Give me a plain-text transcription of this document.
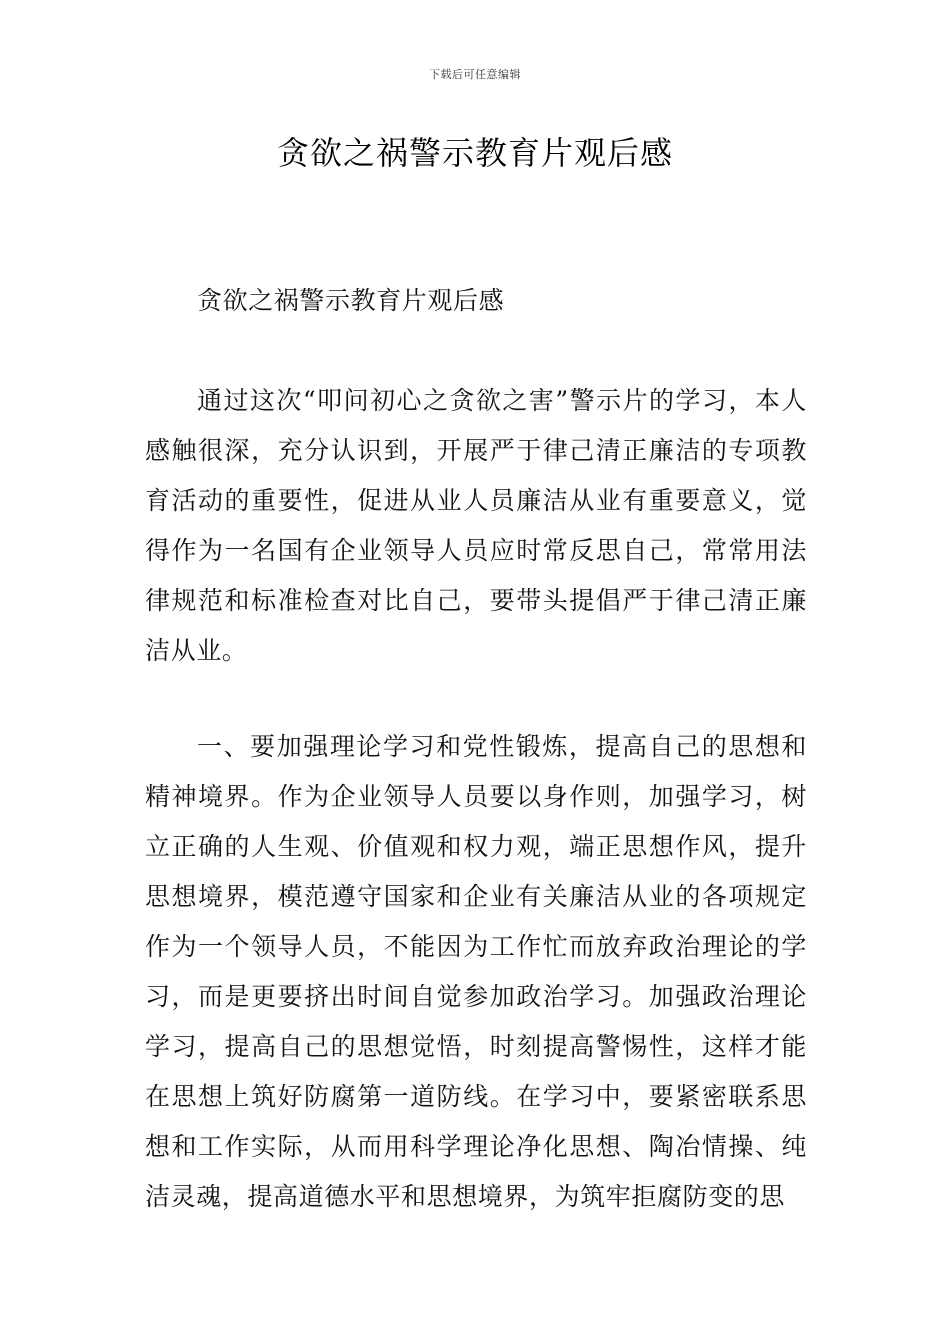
下载后可任意编辑
贪欲之祸警示教育片观后感

贪欲之祸警示教育片观后感

通过这次“叩问初心之贪欲之害”警示片的学习，本人感触很深，充分认识到，开展严于律己清正廉洁的专项教育活动的重要性，促进从业人员廉洁从业有重要意义，觉得作为一名国有企业领导人员应时常反思自己，常常用法律规范和标准检查对比自己，要带头提倡严于律己清正廉洁从业。

一、要加强理论学习和党性锻炼，提高自己的思想和精神境界。作为企业领导人员要以身作则，加强学习，树立正确的人生观、价值观和权力观，端正思想作风，提升思想境界，模范遵守国家和企业有关廉洁从业的各项规定作为一个领导人员，不能因为工作忙而放弃政治理论的学习，而是更要挤出时间自觉参加政治学习。加强政治理论学习，提高自己的思想觉悟，时刻提高警惕性，这样才能在思想上筑好防腐第一道防线。在学习中，要紧密联系思想和工作实际，从而用科学理论净化思想、陶冶情操、纯洁灵魂，提高道德水平和思想境界，为筑牢拒腐防变的思
